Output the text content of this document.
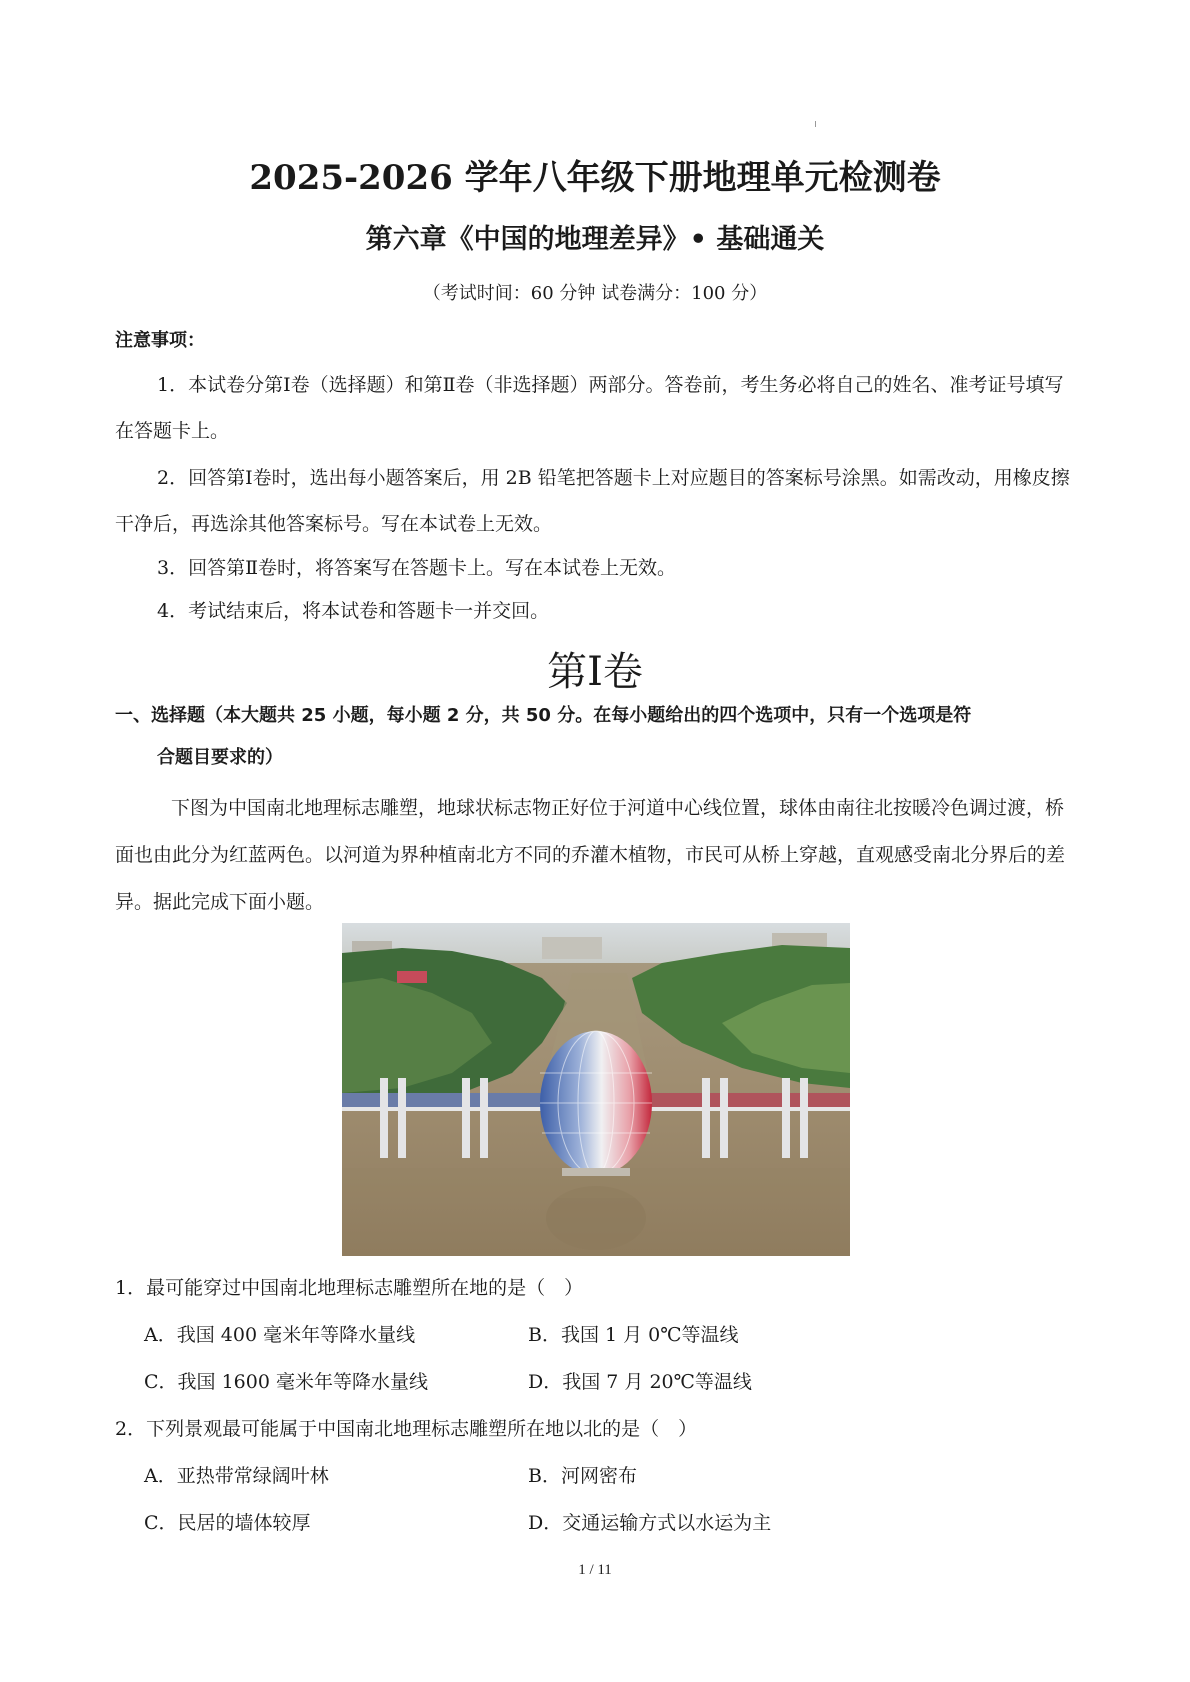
2025-2026 学年八年级下册地理单元检测卷
第六章《中国的地理差异》• 基础通关
（考试时间：60 分钟 试卷满分：100 分）
注意事项：
1．本试卷分第Ⅰ卷（选择题）和第Ⅱ卷（非选择题）两部分。答卷前，考生务必将自己的姓名、准考证号填写在答题卡上。
2．回答第Ⅰ卷时，选出每小题答案后，用 2B 铅笔把答题卡上对应题目的答案标号涂黑。如需改动，用橡皮擦干净后，再选涂其他答案标号。写在本试卷上无效。
3．回答第Ⅱ卷时，将答案写在答题卡上。写在本试卷上无效。
4．考试结束后，将本试卷和答题卡一并交回。
第Ⅰ卷
一、选择题（本大题共 25 小题，每小题 2 分，共 50 分。在每小题给出的四个选项中，只有一个选项是符
合题目要求的）
下图为中国南北地理标志雕塑，地球状标志物正好位于河道中心线位置，球体由南往北按暖冷色调过渡，桥面也由此分为红蓝两色。以河道为界种植南北方不同的乔灌木植物，市民可从桥上穿越，直观感受南北分界后的差异。据此完成下面小题。
1．最可能穿过中国南北地理标志雕塑所在地的是（　）
A．我国 400 毫米年等降水量线	B．我国 1 月 0℃等温线
C．我国 1600 毫米年等降水量线	D．我国 7 月 20℃等温线
2．下列景观最可能属于中国南北地理标志雕塑所在地以北的是（　）
A．亚热带常绿阔叶林	B．河网密布
C．民居的墙体较厚	D．交通运输方式以水运为主
1 / 11
